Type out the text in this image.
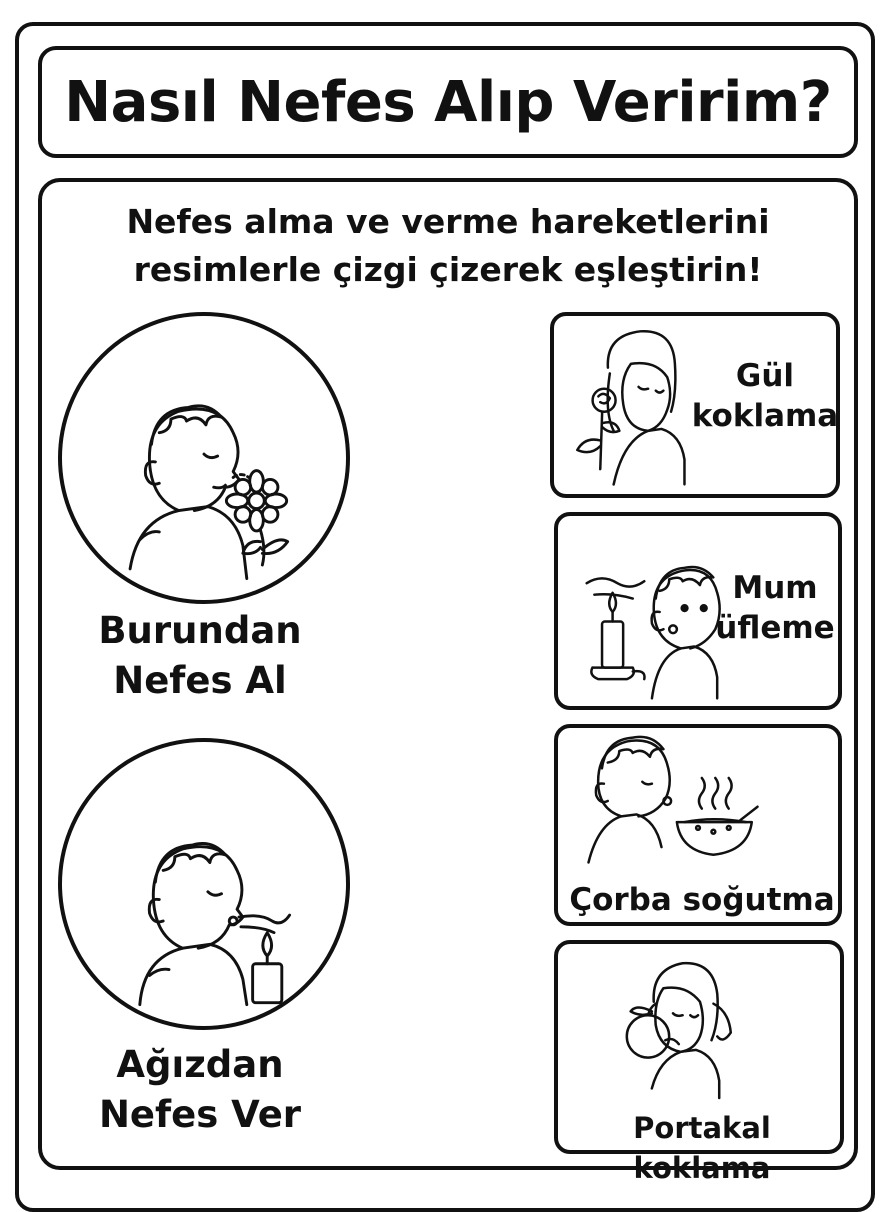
Nasıl Nefes Alıp Veririm?
Nefes alma ve verme hareketlerini
resimlerle çizgi çizerek eşleştirin!
Burundan
Nefes Al
Ağızdan
Nefes Ver
Gül
koklama
Mum
üfleme
Çorba soğutma
Portakal koklama
